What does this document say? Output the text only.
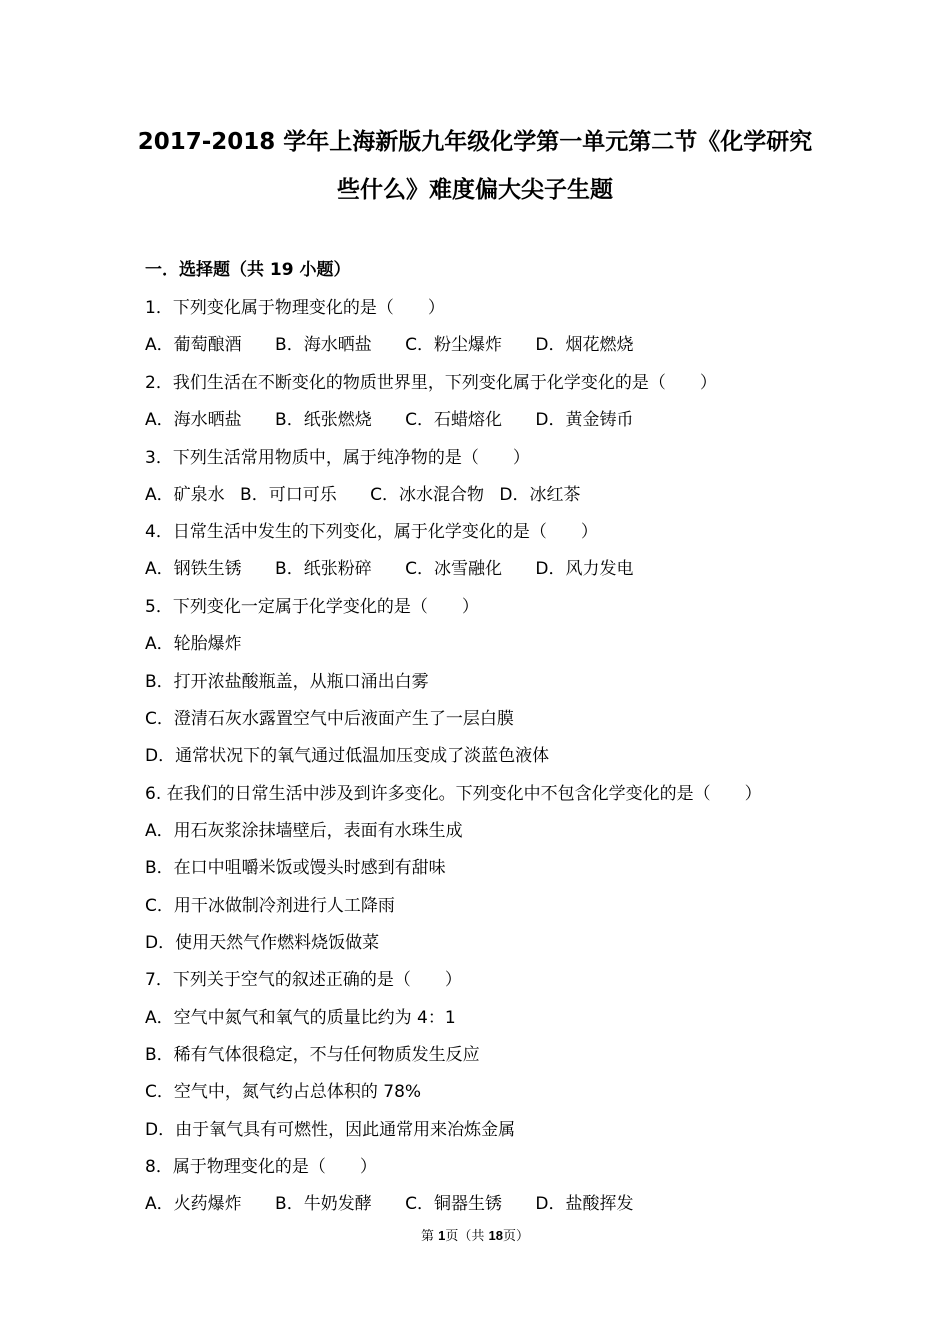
2017-2018 学年上海新版九年级化学第一单元第二节《化学研究
些什么》难度偏大尖子生题
一．选择题（共 19 小题）
1．下列变化属于物理变化的是（　　）
A．葡萄酿酒 B．海水晒盐 C．粉尘爆炸 D．烟花燃烧
2．我们生活在不断变化的物质世界里，下列变化属于化学变化的是（　　）
A．海水晒盐 B．纸张燃烧 C．石蜡熔化 D．黄金铸币
3．下列生活常用物质中，属于纯净物的是（　　）
A．矿泉水 B．可口可乐 C．冰水混合物 D．冰红茶
4．日常生活中发生的下列变化，属于化学变化的是（　　）
A．钢铁生锈 B．纸张粉碎 C．冰雪融化 D．风力发电
5．下列变化一定属于化学变化的是（　　）
A．轮胎爆炸
B．打开浓盐酸瓶盖，从瓶口涌出白雾
C．澄清石灰水露置空气中后液面产生了一层白膜
D．通常状况下的氧气通过低温加压变成了淡蓝色液体
6. 在我们的日常生活中涉及到许多变化。下列变化中不包含化学变化的是（　　）
A．用石灰浆涂抹墙壁后，表面有水珠生成
B．在口中咀嚼米饭或馒头时感到有甜味
C．用干冰做制冷剂进行人工降雨
D．使用天然气作燃料烧饭做菜
7．下列关于空气的叙述正确的是（　　）
A．空气中氮气和氧气的质量比约为 4：1
B．稀有气体很稳定，不与任何物质发生反应
C．空气中，氮气约占总体积的 78%
D．由于氧气具有可燃性，因此通常用来冶炼金属
8．属于物理变化的是（　　）
A．火药爆炸 B．牛奶发酵 C．铜器生锈 D．盐酸挥发
第 1页（共 18页）
